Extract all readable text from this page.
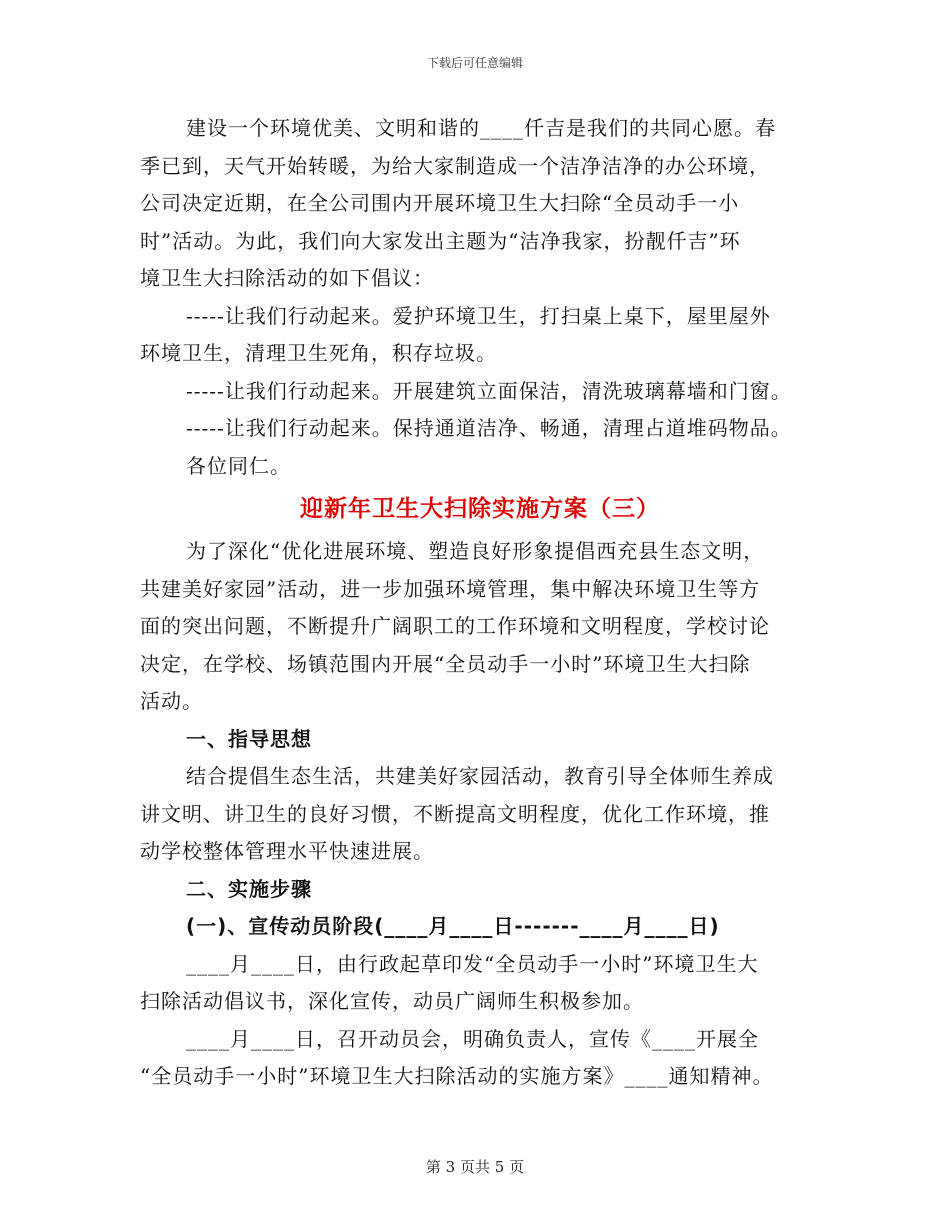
下载后可任意编辑
建设一个环境优美、文明和谐的____仟吉是我们的共同心愿。春
季已到，天气开始转暖，为给大家制造成一个洁净洁净的办公环境，
公司决定近期，在全公司围内开展环境卫生大扫除“全员动手一小
时”活动。为此，我们向大家发出主题为“洁净我家，扮靓仟吉”环
境卫生大扫除活动的如下倡议：
-----让我们行动起来。爱护环境卫生，打扫桌上桌下，屋里屋外
环境卫生，清理卫生死角，积存垃圾。
-----让我们行动起来。开展建筑立面保洁，清洗玻璃幕墙和门窗。
-----让我们行动起来。保持通道洁净、畅通，清理占道堆码物品。
各位同仁。
迎新年卫生大扫除实施方案（三）
为了深化“优化进展环境、塑造良好形象提倡西充县生态文明，
共建美好家园”活动，进一步加强环境管理，集中解决环境卫生等方
面的突出问题，不断提升广阔职工的工作环境和文明程度，学校讨论
决定，在学校、场镇范围内开展“全员动手一小时”环境卫生大扫除
活动。
一、指导思想
结合提倡生态生活，共建美好家园活动，教育引导全体师生养成
讲文明、讲卫生的良好习惯，不断提高文明程度，优化工作环境，推
动学校整体管理水平快速进展。
二、实施步骤
(一)、宣传动员阶段(____月____日-------____月____日)
____月____日，由行政起草印发“全员动手一小时”环境卫生大
扫除活动倡议书，深化宣传，动员广阔师生积极参加。
____月____日，召开动员会，明确负责人，宣传《____开展全
“全员动手一小时”环境卫生大扫除活动的实施方案》____通知精神。
第 3 页共 5 页
